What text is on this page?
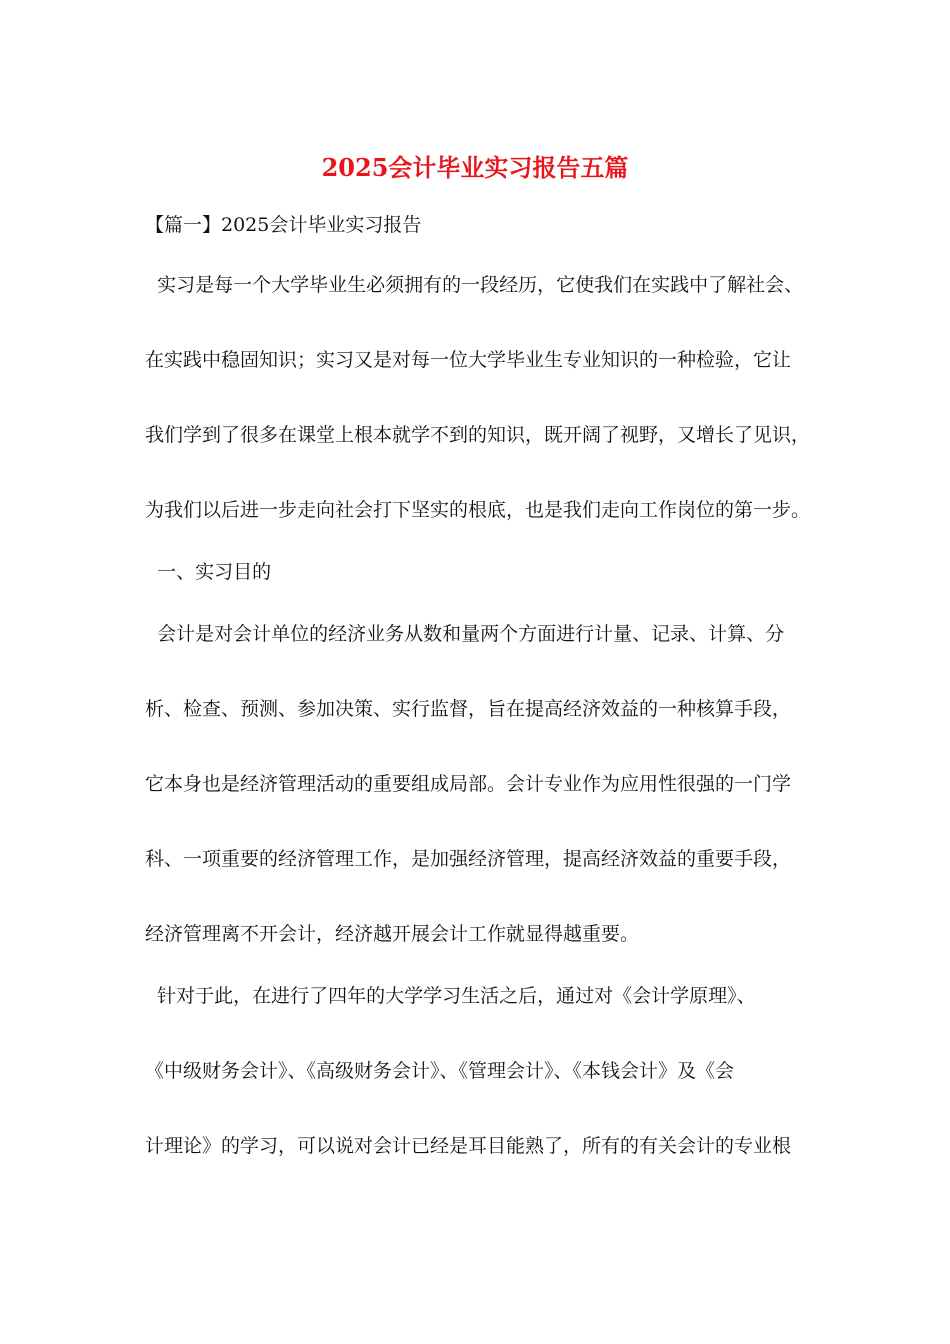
2025会计毕业实习报告五篇

【篇一】2025会计毕业实习报告

实习是每一个大学毕业生必须拥有的一段经历，它使我们在实践中了解社会、

在实践中稳固知识；实习又是对每一位大学毕业生专业知识的一种检验，它让

我们学到了很多在课堂上根本就学不到的知识，既开阔了视野，又增长了见识，

为我们以后进一步走向社会打下坚实的根底，也是我们走向工作岗位的第一步。

一、实习目的

会计是对会计单位的经济业务从数和量两个方面进行计量、记录、计算、分

析、检查、预测、参加决策、实行监督，旨在提高经济效益的一种核算手段，

它本身也是经济管理活动的重要组成局部。会计专业作为应用性很强的一门学

科、一项重要的经济管理工作，是加强经济管理，提高经济效益的重要手段，

经济管理离不开会计，经济越开展会计工作就显得越重要。

针对于此，在进行了四年的大学学习生活之后，通过对《会计学原理》、

《中级财务会计》、《高级财务会计》、《管理会计》、《本钱会计》及《会

计理论》的学习，可以说对会计已经是耳目能熟了，所有的有关会计的专业根
